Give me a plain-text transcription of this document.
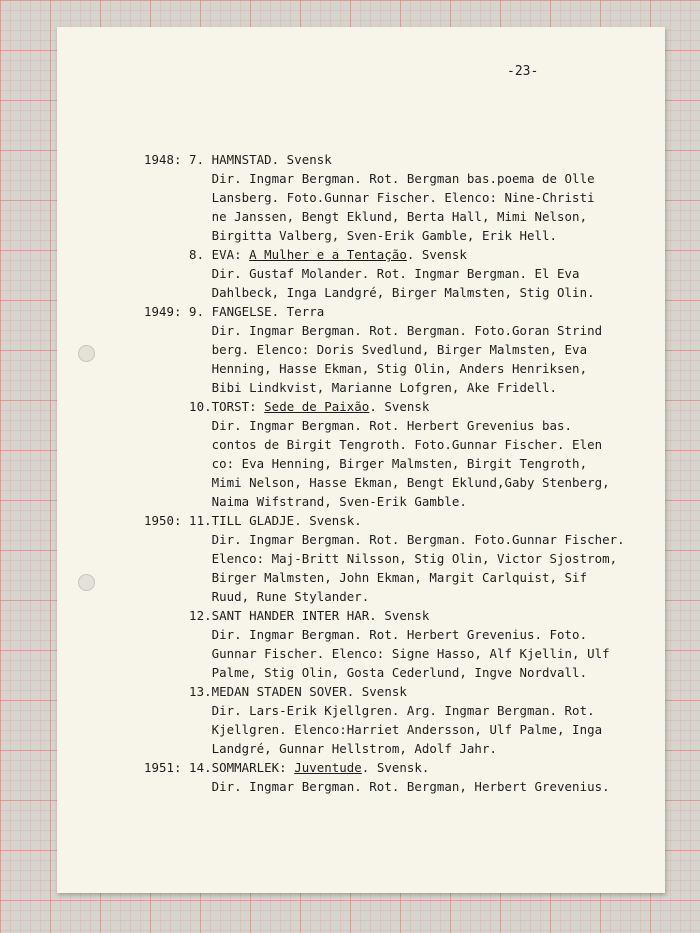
-23-
1948: 7. HAMNSTAD. Svensk
Dir. Ingmar Bergman. Rot. Bergman bas.poema de Olle
Lansberg. Foto.Gunnar Fischer. Elenco: Nine-Christi
ne Janssen, Bengt Eklund, Berta Hall, Mimi Nelson,
Birgitta Valberg, Sven-Erik Gamble, Erik Hell.
8. EVA: A Mulher e a Tentação. Svensk
Dir. Gustaf Molander. Rot. Ingmar Bergman. El Eva
Dahlbeck, Inga Landgré, Birger Malmsten, Stig Olin.
1949: 9. FANGELSE. Terra
Dir. Ingmar Bergman. Rot. Bergman. Foto.Goran Strind
berg. Elenco: Doris Svedlund, Birger Malmsten, Eva
Henning, Hasse Ekman, Stig Olin, Anders Henriksen,
Bibi Lindkvist, Marianne Lofgren, Ake Fridell.
10.TORST: Sede de Paixão. Svensk
Dir. Ingmar Bergman. Rot. Herbert Grevenius bas.
contos de Birgit Tengroth. Foto.Gunnar Fischer. Elen
co: Eva Henning, Birger Malmsten, Birgit Tengroth,
Mimi Nelson, Hasse Ekman, Bengt Eklund,Gaby Stenberg,
Naima Wifstrand, Sven-Erik Gamble.
1950: 11.TILL GLADJE. Svensk.
Dir. Ingmar Bergman. Rot. Bergman. Foto.Gunnar Fischer.
Elenco: Maj-Britt Nilsson, Stig Olin, Victor Sjostrom,
Birger Malmsten, John Ekman, Margit Carlquist, Sif
Ruud, Rune Stylander.
12.SANT HANDER INTER HAR. Svensk
Dir. Ingmar Bergman. Rot. Herbert Grevenius. Foto.
Gunnar Fischer. Elenco: Signe Hasso, Alf Kjellin, Ulf
Palme, Stig Olin, Gosta Cederlund, Ingve Nordvall.
13.MEDAN STADEN SOVER. Svensk
Dir. Lars-Erik Kjellgren. Arg. Ingmar Bergman. Rot.
Kjellgren. Elenco:Harriet Andersson, Ulf Palme, Inga
Landgré, Gunnar Hellstrom, Adolf Jahr.
1951: 14.SOMMARLEK: Juventude. Svensk.
Dir. Ingmar Bergman. Rot. Bergman, Herbert Grevenius.
